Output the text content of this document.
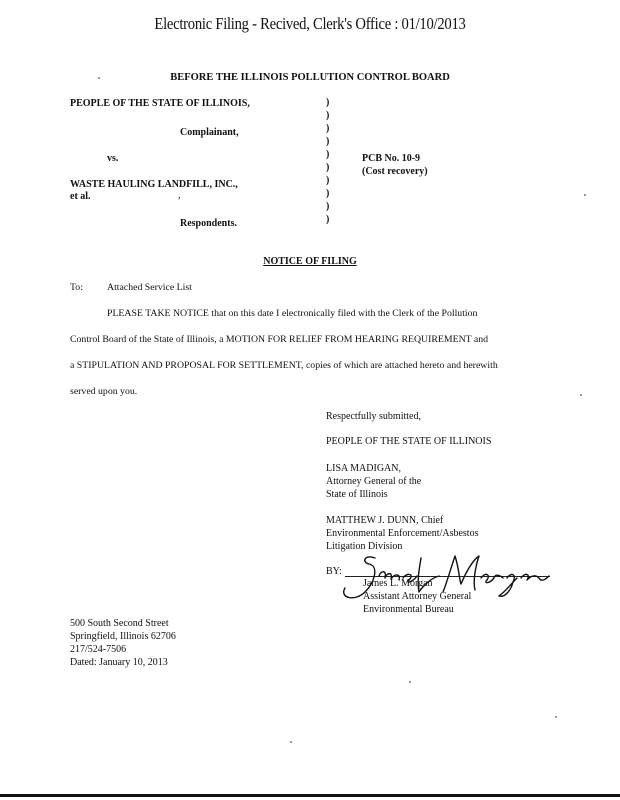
Electronic Filing - Recived, Clerk's Office : 01/10/2013
BEFORE THE ILLINOIS POLLUTION CONTROL BOARD
PEOPLE OF THE STATE OF ILLINOIS,
Complainant,
vs.
WASTE HAULING LANDFILL, INC.,
et al.	,
Respondents.
)
)
)
)
)
)
)
)
)
)
PCB No. 10-9
(Cost recovery)
NOTICE OF FILING
To: Attached Service List
PLEASE TAKE NOTICE that on this date I electronically filed with the Clerk of the Pollution
Control Board of the State of Illinois, a MOTION FOR RELIEF FROM HEARING REQUIREMENT and
a STIPULATION AND PROPOSAL FOR SETTLEMENT, copies of which are attached hereto and herewith
served upon you.
Respectfully submitted,
PEOPLE OF THE STATE OF ILLINOIS
LISA MADIGAN,
Attorney General of the
State of Illinois
MATTHEW J. DUNN, Chief
Environmental Enforcement/Asbestos
Litigation Division
BY:
James L. Morgan
Assistant Attorney General
Environmental Bureau
500 South Second Street
Springfield, Illinois 62706
217/524-7506
Dated: January 10, 2013
